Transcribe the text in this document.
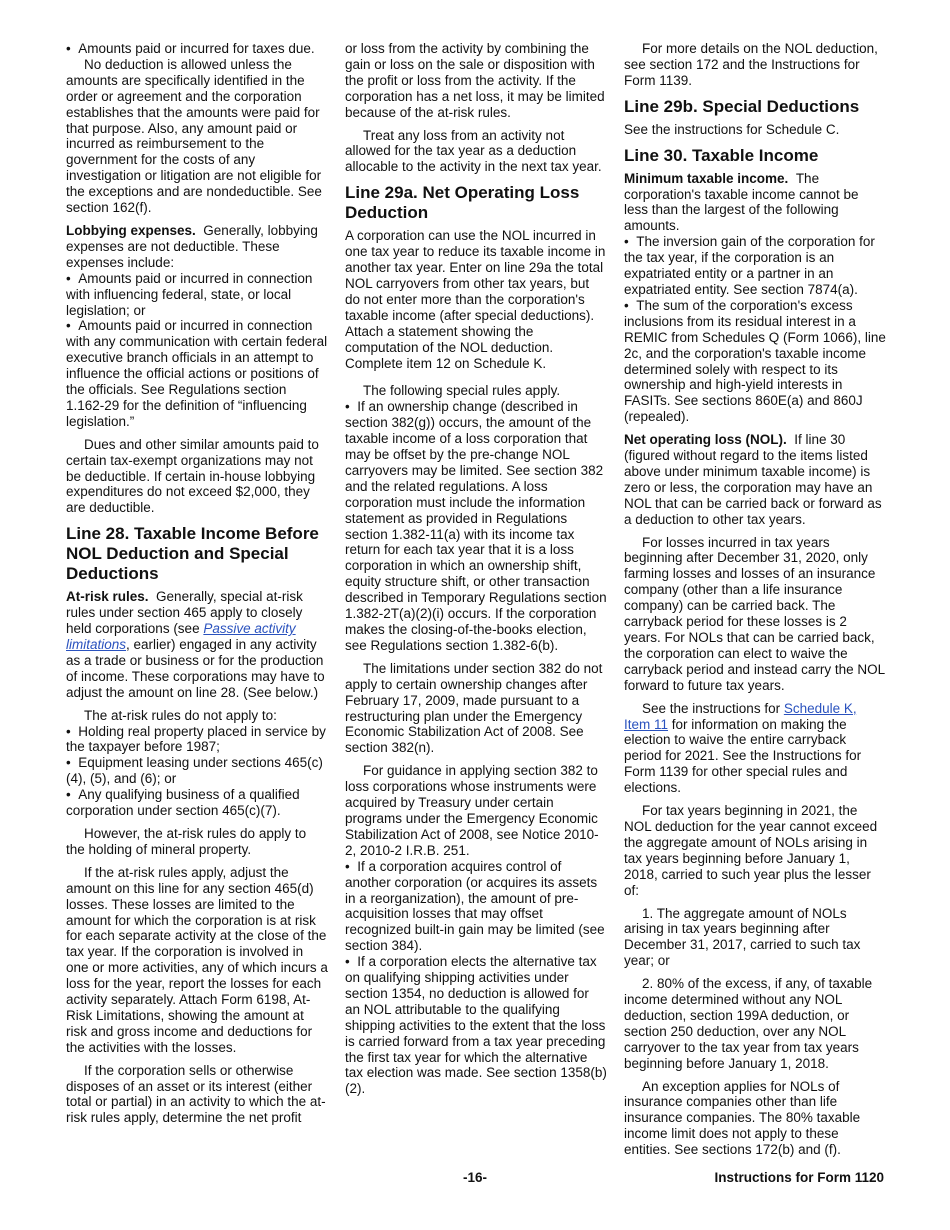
•  Amounts paid or incurred for taxes due.

No deduction is allowed unless the amounts are specifically identified in the order or agreement and the corporation establishes that the amounts were paid for that purpose. Also, any amount paid or incurred as reimbursement to the government for the costs of any investigation or litigation are not eligible for the exceptions and are nondeductible. See section 162(f).

Lobbying expenses. Generally, lobbying expenses are not deductible. These expenses include:

•  Amounts paid or incurred in connection with influencing federal, state, or local legislation; or

•  Amounts paid or incurred in connection with any communication with certain federal executive branch officials in an attempt to influence the official actions or positions of the officials. See Regulations section 1.162-29 for the definition of “influencing legislation.”

Dues and other similar amounts paid to certain tax-exempt organizations may not be deductible. If certain in-house lobbying expenditures do not exceed $2,000, they are deductible.

Line 28. Taxable Income Before NOL Deduction and Special Deductions

At-risk rules. Generally, special at-risk rules under section 465 apply to closely held corporations (see Passive activity limitations, earlier) engaged in any activity as a trade or business or for the production of income. These corporations may have to adjust the amount on line 28. (See below.)

The at-risk rules do not apply to:

•  Holding real property placed in service by the taxpayer before 1987;

•  Equipment leasing under sections 465(c)(4), (5), and (6); or

•  Any qualifying business of a qualified corporation under section 465(c)(7).

However, the at-risk rules do apply to the holding of mineral property.

If the at-risk rules apply, adjust the amount on this line for any section 465(d) losses. These losses are limited to the amount for which the corporation is at risk for each separate activity at the close of the tax year. If the corporation is involved in one or more activities, any of which incurs a loss for the year, report the losses for each activity separately. Attach Form 6198, At-Risk Limitations, showing the amount at risk and gross income and deductions for the activities with the losses.

If the corporation sells or otherwise disposes of an asset or its interest (either total or partial) in an activity to which the at-risk rules apply, determine the net profit

or loss from the activity by combining the gain or loss on the sale or disposition with the profit or loss from the activity. If the corporation has a net loss, it may be limited because of the at-risk rules.

Treat any loss from an activity not allowed for the tax year as a deduction allocable to the activity in the next tax year.

Line 29a. Net Operating Loss Deduction

A corporation can use the NOL incurred in one tax year to reduce its taxable income in another tax year. Enter on line 29a the total NOL carryovers from other tax years, but do not enter more than the corporation's taxable income (after special deductions). Attach a statement showing the computation of the NOL deduction. Complete item 12 on Schedule K.

The following special rules apply.

•  If an ownership change (described in section 382(g)) occurs, the amount of the taxable income of a loss corporation that may be offset by the pre-change NOL carryovers may be limited. See section 382 and the related regulations. A loss corporation must include the information statement as provided in Regulations section 1.382-11(a) with its income tax return for each tax year that it is a loss corporation in which an ownership shift, equity structure shift, or other transaction described in Temporary Regulations section 1.382-2T(a)(2)(i) occurs. If the corporation makes the closing-of-the-books election, see Regulations section 1.382-6(b).

The limitations under section 382 do not apply to certain ownership changes after February 17, 2009, made pursuant to a restructuring plan under the Emergency Economic Stabilization Act of 2008. See section 382(n).

For guidance in applying section 382 to loss corporations whose instruments were acquired by Treasury under certain programs under the Emergency Economic Stabilization Act of 2008, see Notice 2010-2, 2010-2 I.R.B. 251.

•  If a corporation acquires control of another corporation (or acquires its assets in a reorganization), the amount of pre-acquisition losses that may offset recognized built-in gain may be limited (see section 384).

•  If a corporation elects the alternative tax on qualifying shipping activities under section 1354, no deduction is allowed for an NOL attributable to the qualifying shipping activities to the extent that the loss is carried forward from a tax year preceding the first tax year for which the alternative tax election was made. See section 1358(b)(2).

For more details on the NOL deduction, see section 172 and the Instructions for Form 1139.

Line 29b. Special Deductions

See the instructions for Schedule C.

Line 30. Taxable Income

Minimum taxable income. The corporation's taxable income cannot be less than the largest of the following amounts.

•  The inversion gain of the corporation for the tax year, if the corporation is an expatriated entity or a partner in an expatriated entity. See section 7874(a).

•  The sum of the corporation's excess inclusions from its residual interest in a REMIC from Schedules Q (Form 1066), line 2c, and the corporation's taxable income determined solely with respect to its ownership and high-yield interests in FASITs. See sections 860E(a) and 860J (repealed).

Net operating loss (NOL). If line 30 (figured without regard to the items listed above under minimum taxable income) is zero or less, the corporation may have an NOL that can be carried back or forward as a deduction to other tax years.

For losses incurred in tax years beginning after December 31, 2020, only farming losses and losses of an insurance company (other than a life insurance company) can be carried back. The carryback period for these losses is 2 years. For NOLs that can be carried back, the corporation can elect to waive the carryback period and instead carry the NOL forward to future tax years.

See the instructions for Schedule K, Item 11 for information on making the election to waive the entire carryback period for 2021. See the Instructions for Form 1139 for other special rules and elections.

For tax years beginning in 2021, the NOL deduction for the year cannot exceed the aggregate amount of NOLs arising in tax years beginning before January 1, 2018, carried to such year plus the lesser of:

1. The aggregate amount of NOLs arising in tax years beginning after December 31, 2017, carried to such tax year; or

2. 80% of the excess, if any, of taxable income determined without any NOL deduction, section 199A deduction, or section 250 deduction, over any NOL carryover to the tax year from tax years beginning before January 1, 2018.

An exception applies for NOLs of insurance companies other than life insurance companies. The 80% taxable income limit does not apply to these entities. See sections 172(b) and (f).

-16-	Instructions for Form 1120
